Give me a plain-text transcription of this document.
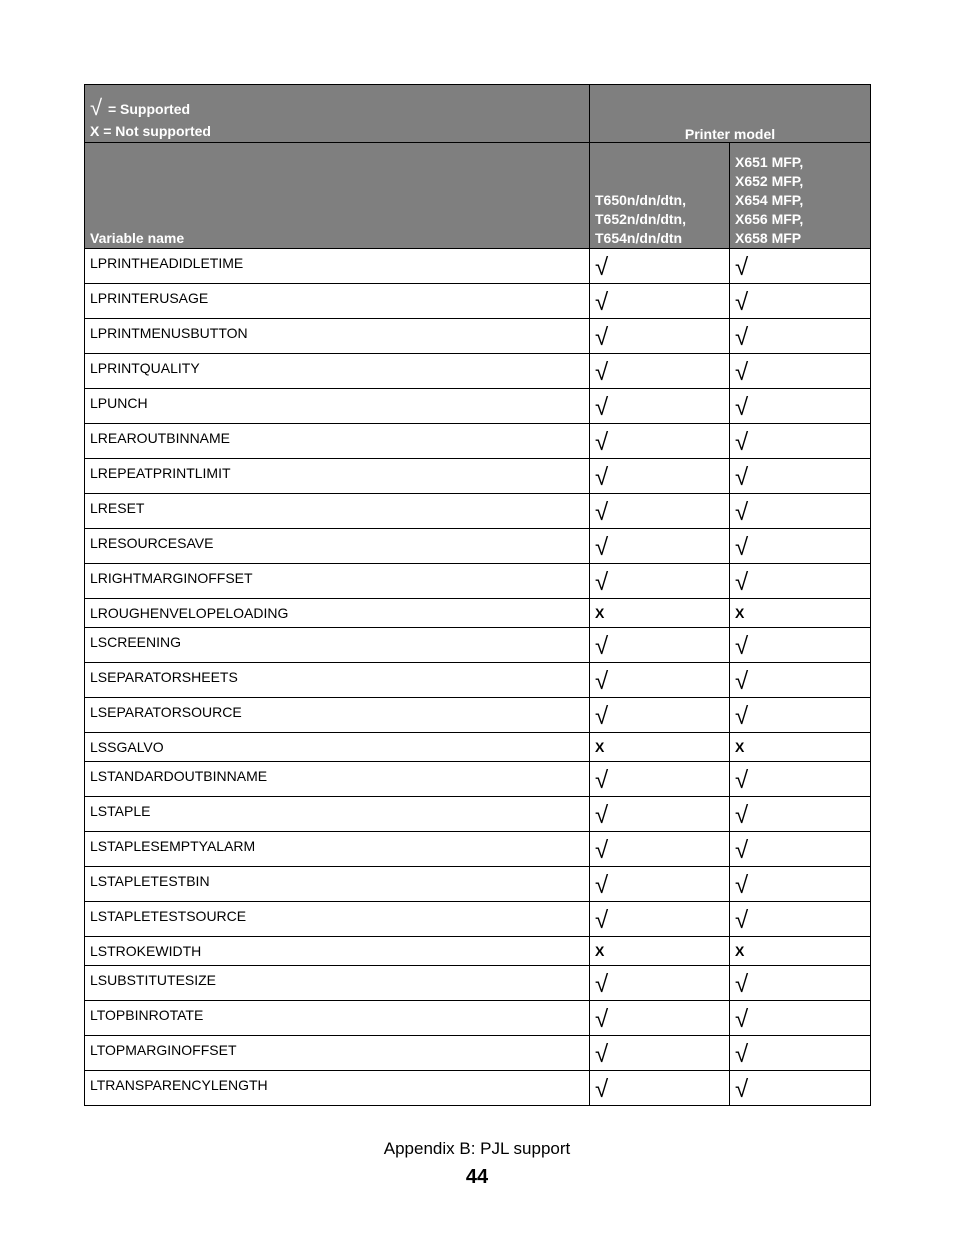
√ = Supported
X = Not supported	Printer model	
Variable name	T650n/dn/dtn,
T652n/dn/dtn,
T654n/dn/dtn	X651 MFP,
X652 MFP,
X654 MFP,
X656 MFP,
X658 MFP

LPRINTHEADIDLETIME	√	√
LPRINTERUSAGE	√	√
LPRINTMENUSBUTTON	√	√
LPRINTQUALITY	√	√
LPUNCH	√	√
LREAROUTBINNAME	√	√
LREPEATPRINTLIMIT	√	√
LRESET	√	√
LRESOURCESAVE	√	√
LRIGHTMARGINOFFSET	√	√
LROUGHENVELOPELOADING	X	X
LSCREENING	√	√
LSEPARATORSHEETS	√	√
LSEPARATORSOURCE	√	√
LSSGALVO	X	X
LSTANDARDOUTBINNAME	√	√
LSTAPLE	√	√
LSTAPLESEMPTYALARM	√	√
LSTAPLETESTBIN	√	√
LSTAPLETESTSOURCE	√	√
LSTROKEWIDTH	X	X
LSUBSTITUTESIZE	√	√
LTOPBINROTATE	√	√
LTOPMARGINOFFSET	√	√
LTRANSPARENCYLENGTH	√	√
Appendix B: PJL support
44
